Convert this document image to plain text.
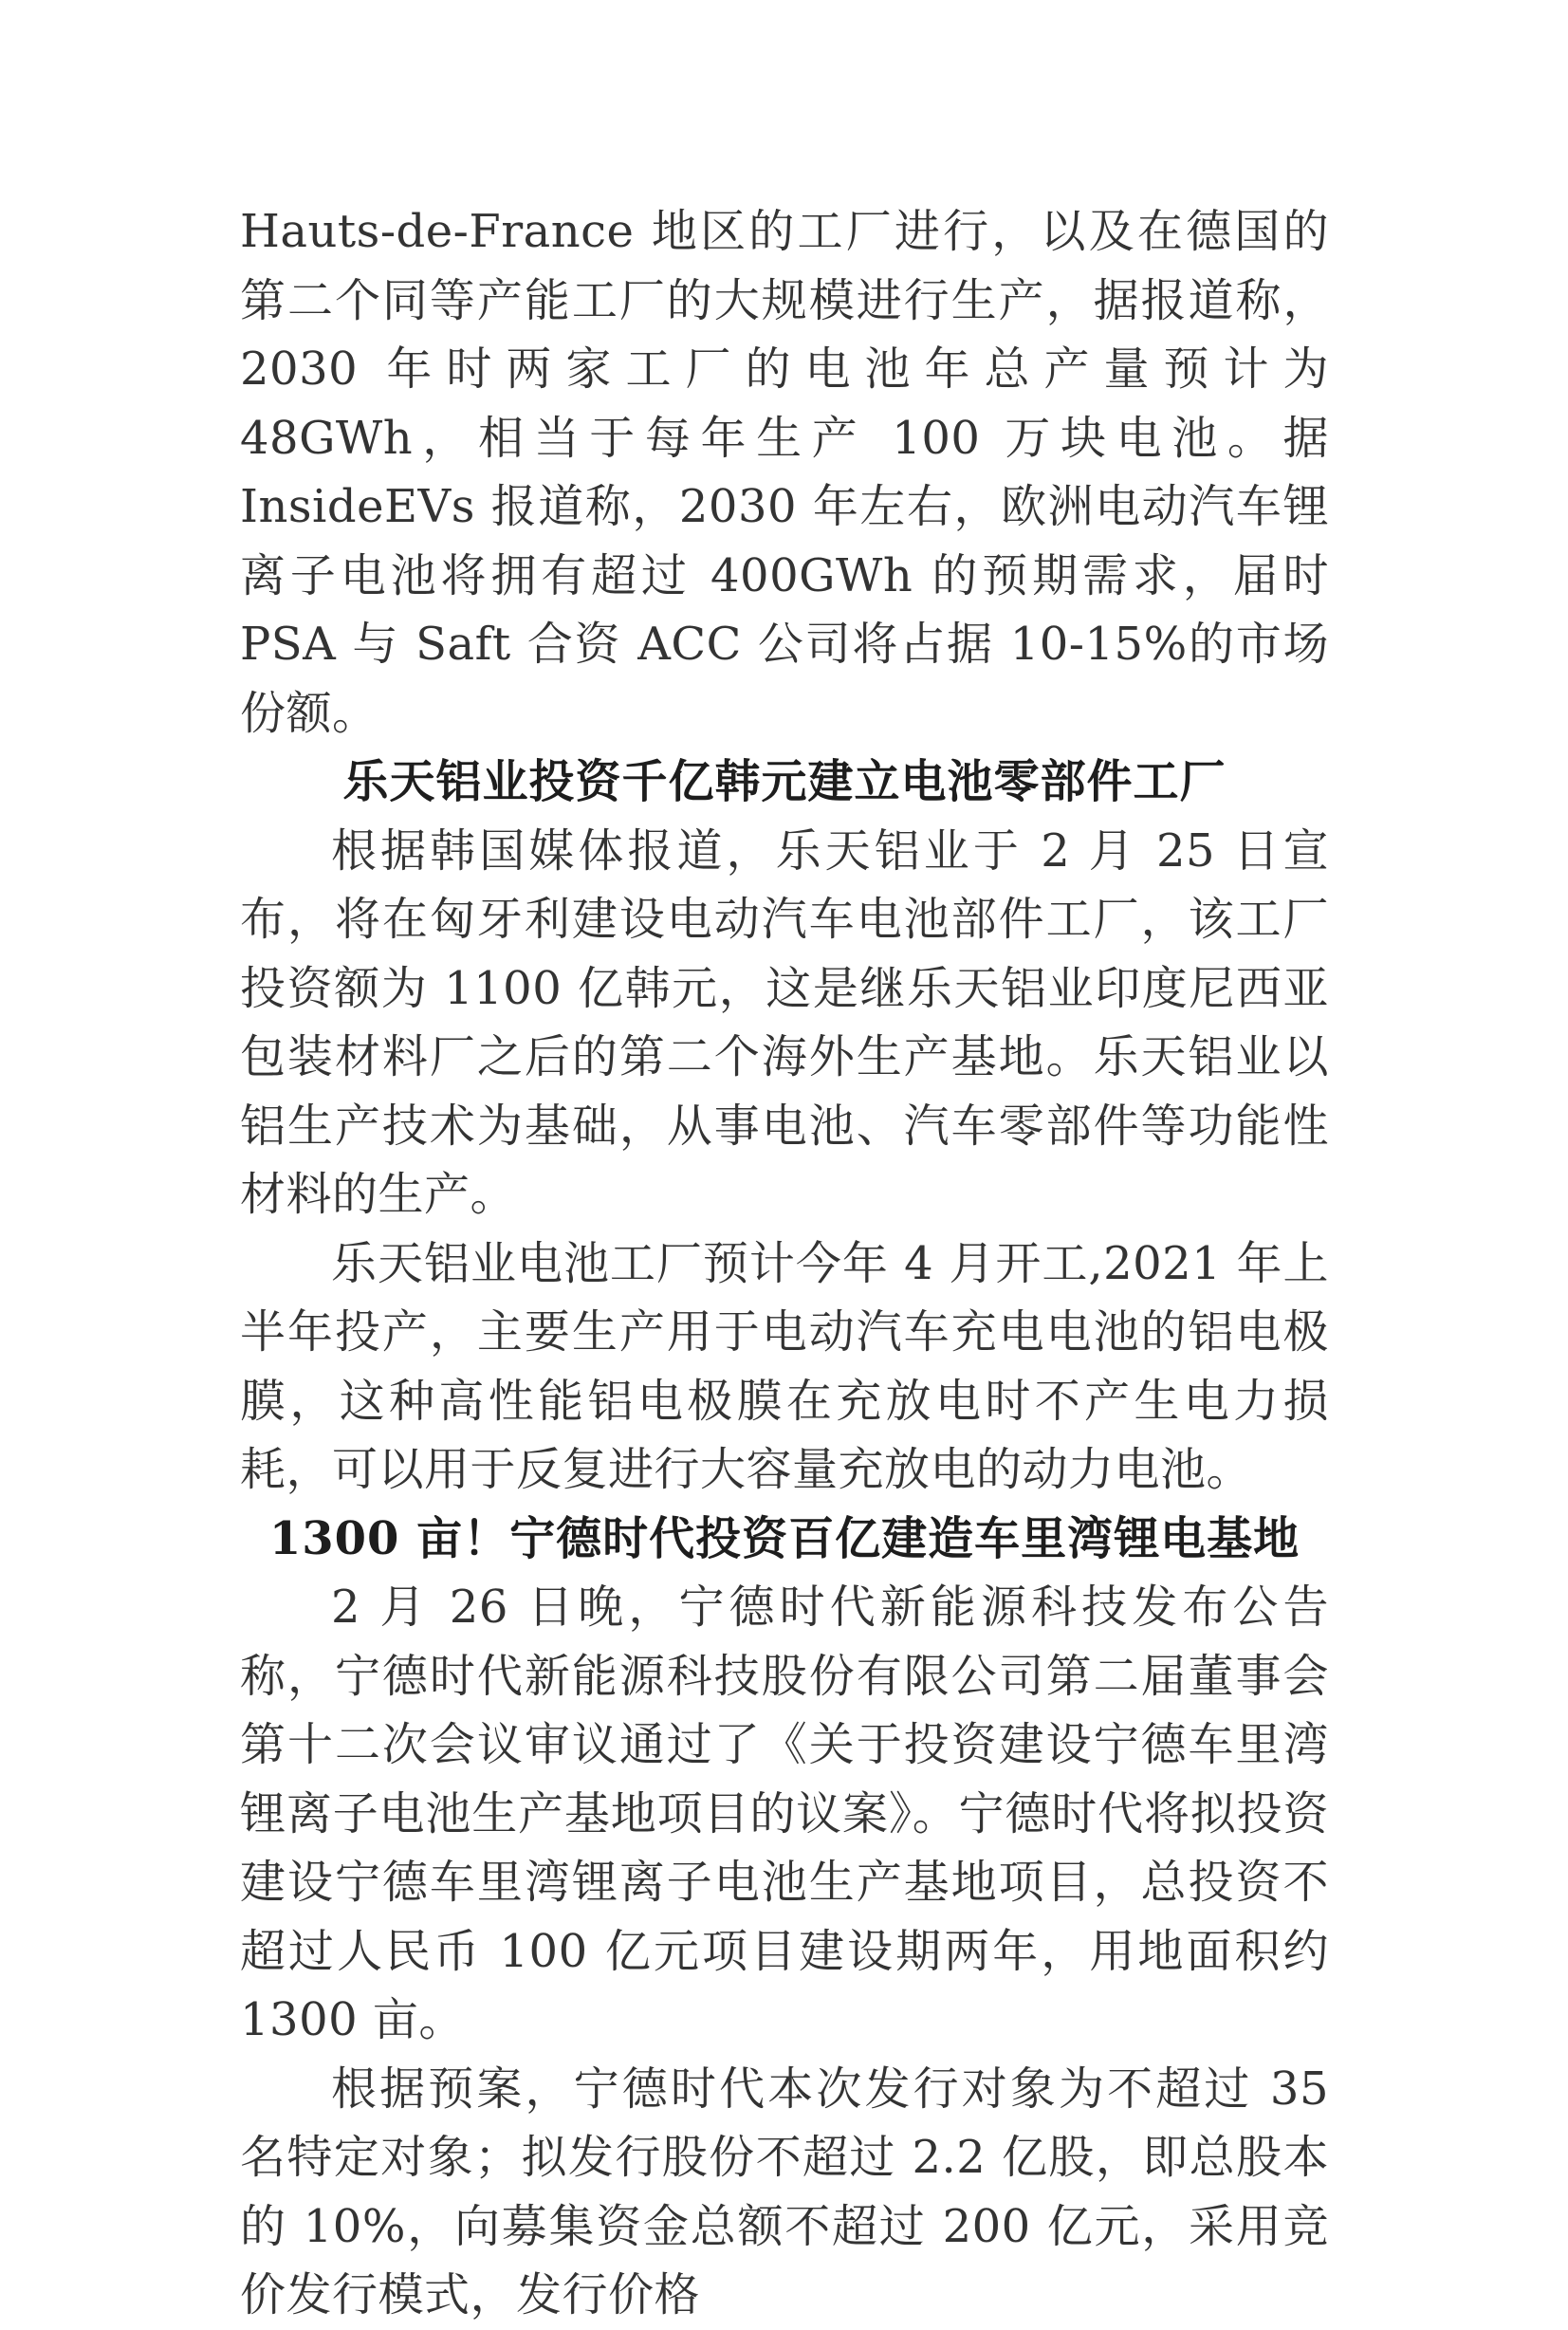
Hauts-de-France 地区的工厂进行，以及在德国的第二个同等产能工厂的大规模进行生产，据报道称，2030 年时两家工厂的电池年总产量预计为 48GWh，相当于每年生产 100 万块电池。据 InsideEVs 报道称，2030 年左右，欧洲电动汽车锂离子电池将拥有超过 400GWh 的预期需求，届时 PSA 与 Saft 合资 ACC 公司将占据 10-15%的市场份额。

乐天铝业投资千亿韩元建立电池零部件工厂

根据韩国媒体报道，乐天铝业于 2 月 25 日宣布，将在匈牙利建设电动汽车电池部件工厂，该工厂投资额为 1100 亿韩元，这是继乐天铝业印度尼西亚包装材料厂之后的第二个海外生产基地。乐天铝业以铝生产技术为基础，从事电池、汽车零部件等功能性材料的生产。

乐天铝业电池工厂预计今年 4 月开工,2021 年上半年投产，主要生产用于电动汽车充电电池的铝电极膜，这种高性能铝电极膜在充放电时不产生电力损耗，可以用于反复进行大容量充放电的动力电池。

1300 亩！宁德时代投资百亿建造车里湾锂电基地

2 月 26 日晚，宁德时代新能源科技发布公告称，宁德时代新能源科技股份有限公司第二届董事会第十二次会议审议通过了《关于投资建设宁德车里湾锂离子电池生产基地项目的议案》。宁德时代将拟投资建设宁德车里湾锂离子电池生产基地项目，总投资不超过人民币 100 亿元项目建设期两年，用地面积约 1300 亩。

根据预案，宁德时代本次发行对象为不超过 35 名特定对象；拟发行股份不超过 2.2 亿股，即总股本的 10%，向募集资金总额不超过 200 亿元，采用竞价发行模式，发行价格
